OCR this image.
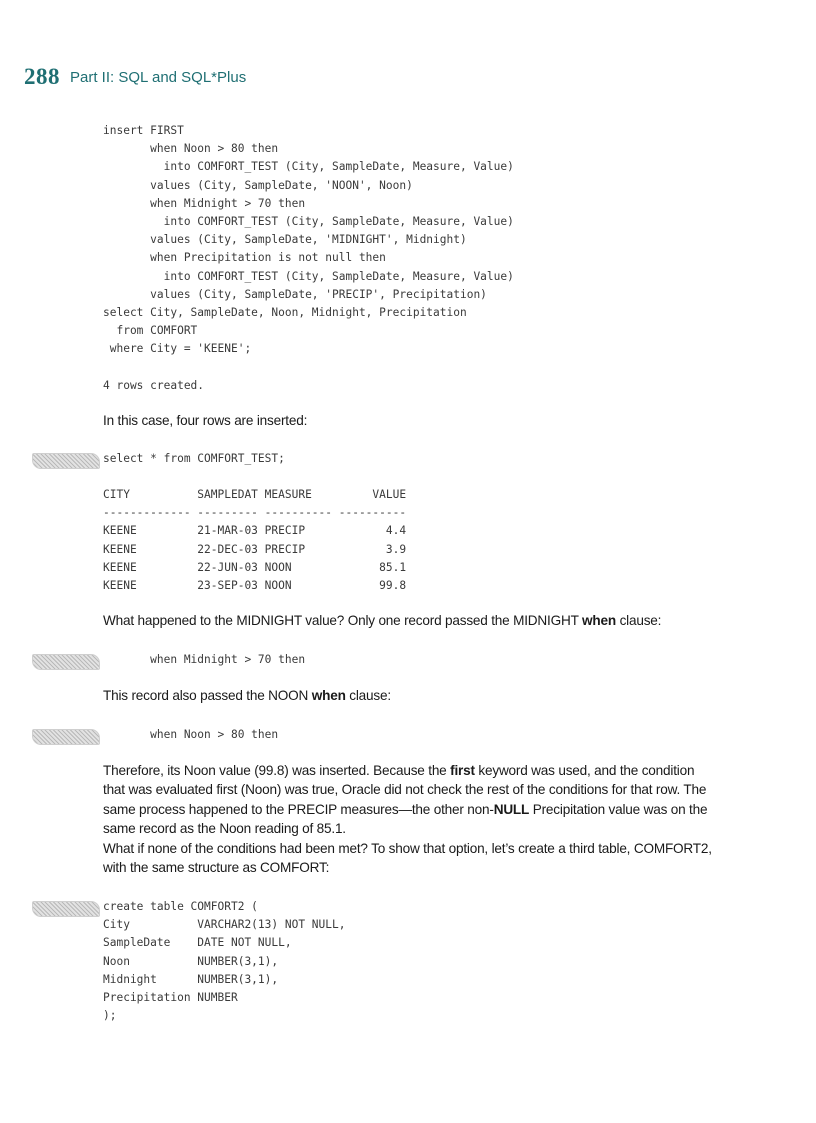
288 Part II: SQL and SQL*Plus
insert FIRST
when Noon > 80 then
into COMFORT_TEST (City, SampleDate, Measure, Value)
values (City, SampleDate, 'NOON', Noon)
when Midnight > 70 then
into COMFORT_TEST (City, SampleDate, Measure, Value)
values (City, SampleDate, 'MIDNIGHT', Midnight)
when Precipitation is not null then
into COMFORT_TEST (City, SampleDate, Measure, Value)
values (City, SampleDate, 'PRECIP', Precipitation)
select City, SampleDate, Noon, Midnight, Precipitation
from COMFORT
where City = 'KEENE';

4 rows created.

In this case, four rows are inserted:

select * from COMFORT_TEST;
CITY          SAMPLEDAT MEASURE         VALUE
------------- --------- ---------- ----------
KEENE         21-MAR-03 PRECIP            4.4
KEENE         22-DEC-03 PRECIP            3.9
KEENE         22-JUN-03 NOON             85.1
KEENE         23-SEP-03 NOON             99.8

What happened to the MIDNIGHT value? Only one record passed the MIDNIGHT when clause:

when Midnight > 70 then

This record also passed the NOON when clause:

when Noon > 80 then

Therefore, its Noon value (99.8) was inserted. Because the first keyword was used, and the condition that was evaluated first (Noon) was true, Oracle did not check the rest of the conditions for that row. The same process happened to the PRECIP measures—the other non-NULL Precipitation value was on the same record as the Noon reading of 85.1.

What if none of the conditions had been met? To show that option, let’s create a third table, COMFORT2, with the same structure as COMFORT:

create table COMFORT2 (
City          VARCHAR2(13) NOT NULL,
SampleDate    DATE NOT NULL,
Noon          NUMBER(3,1),
Midnight      NUMBER(3,1),
Precipitation NUMBER
);
